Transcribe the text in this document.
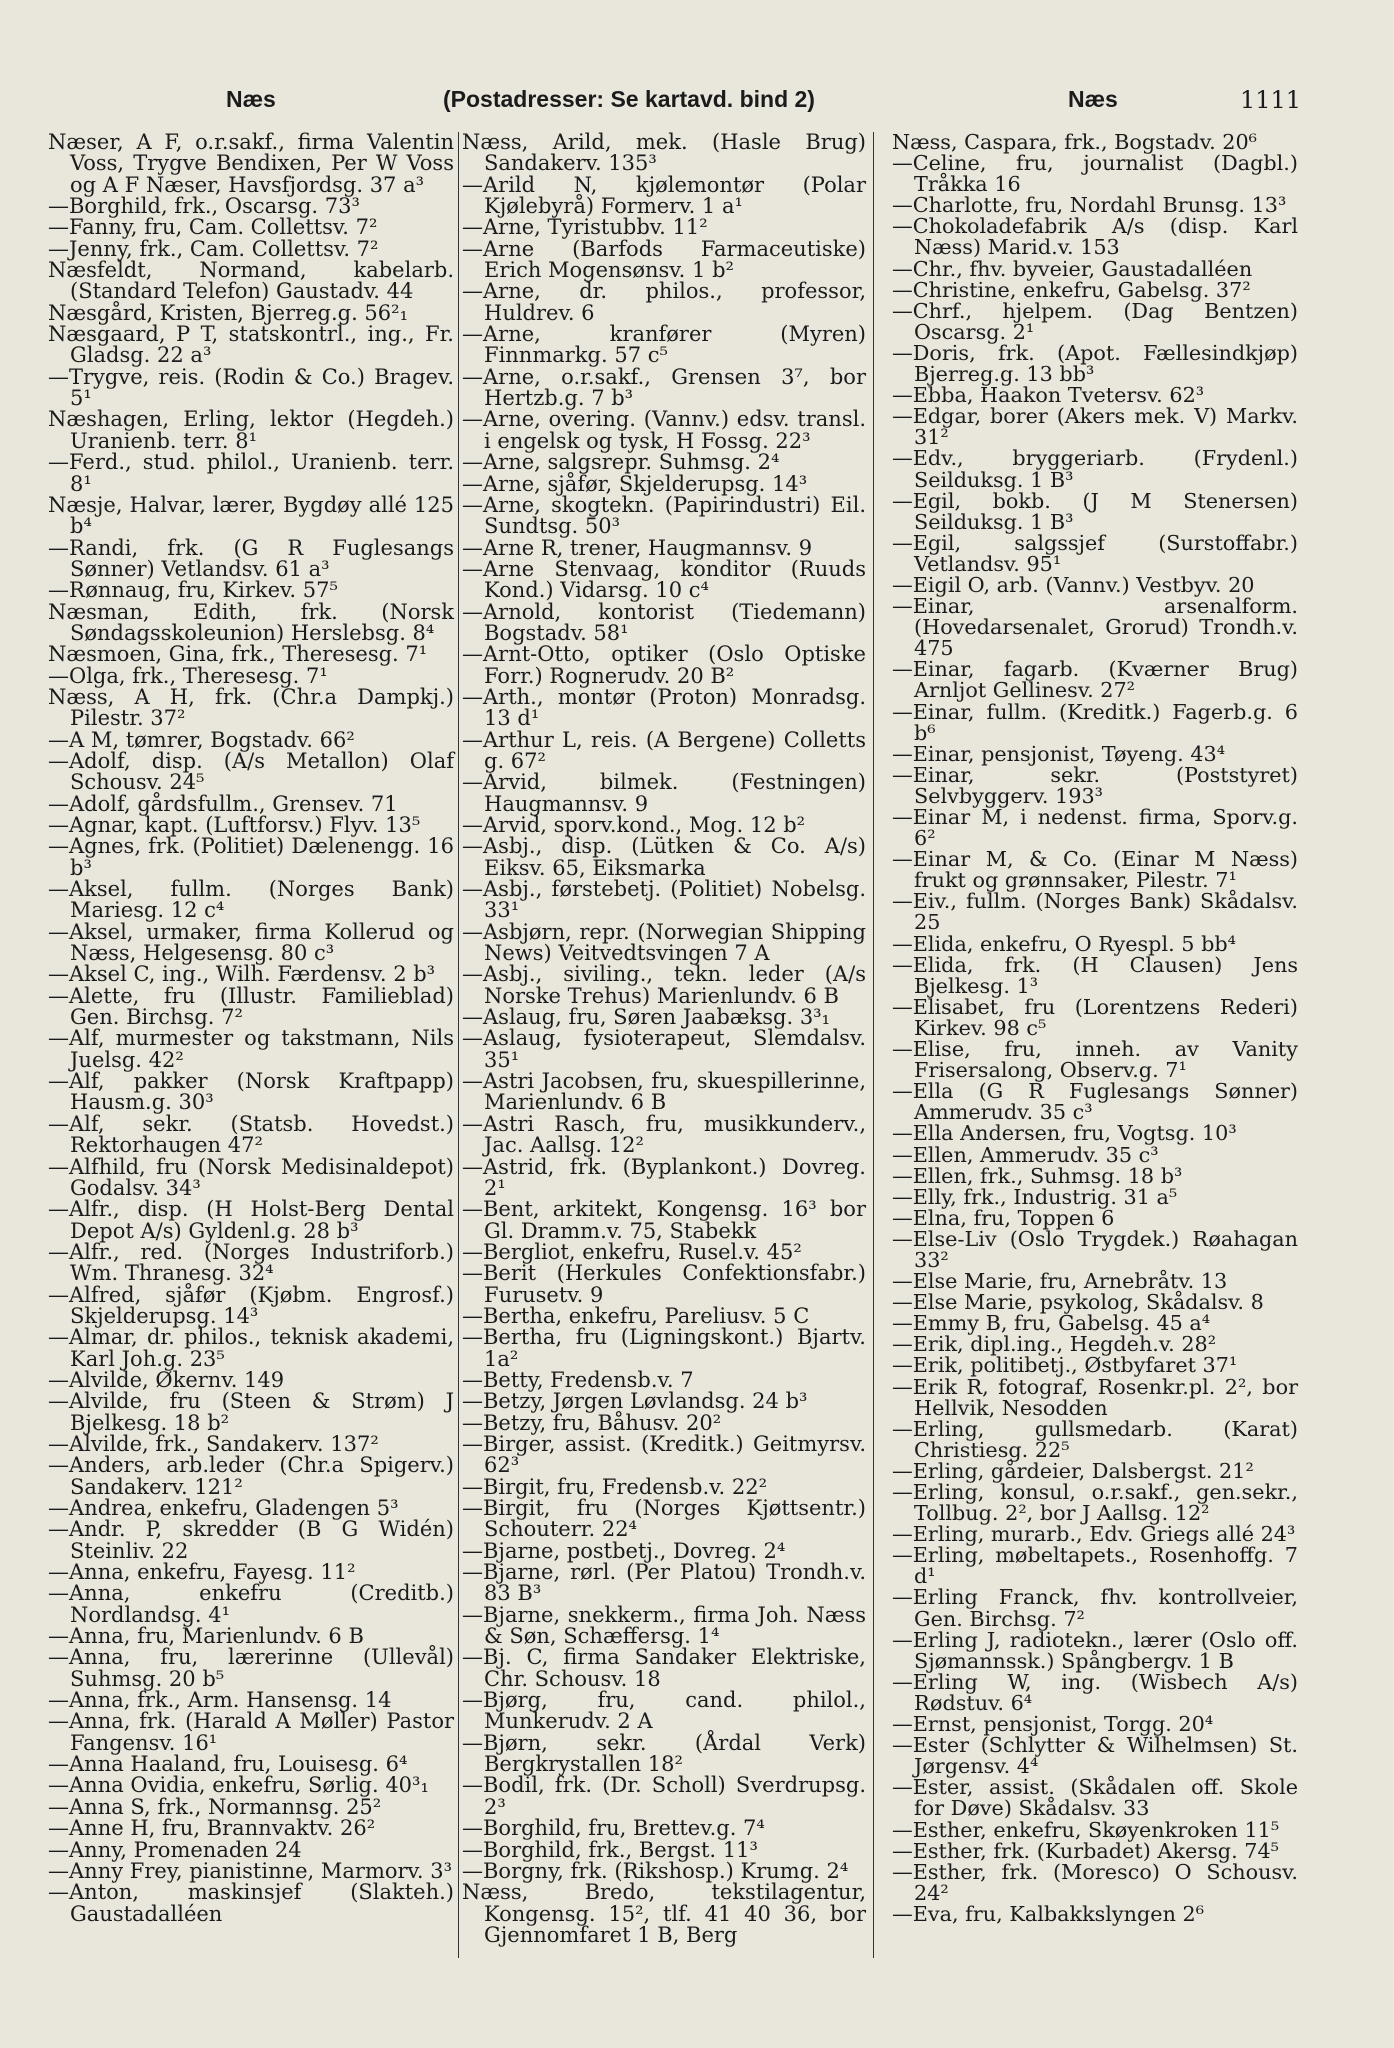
Næs	(Postadresser: Se kartavd. bind 2)	Næs	1111

Næser, A F, o.r.sakf., firma Valentin Voss, Trygve Bendixen, Per W Voss og A F Næser, Havsfjordsg. 37 a³

—Borghild, frk., Oscarsg. 73³

—Fanny, fru, Cam. Collettsv. 7²

—Jenny, frk., Cam. Collettsv. 7²

Næsfeldt, Normand, kabelarb. (Standard Telefon) Gaustadv. 44

Næsgård, Kristen, Bjerreg.g. 56²₁

Næsgaard, P T, statskontrl., ing., Fr. Gladsg. 22 a³

—Trygve, reis. (Rodin & Co.) Bragev. 5¹

Næshagen, Erling, lektor (Hegdeh.) Uranienb. terr. 8¹

—Ferd., stud. philol., Uranienb. terr. 8¹

Næsje, Halvar, lærer, Bygdøy allé 125 b⁴

—Randi, frk. (G R Fuglesangs Sønner) Vetlandsv. 61 a³

—Rønnaug, fru, Kirkev. 57⁵

Næsman, Edith, frk. (Norsk Søndagsskoleunion) Herslebsg. 8⁴

Næsmoen, Gina, frk., Theresesg. 7¹

—Olga, frk., Theresesg. 7¹

Næss, A H, frk. (Chr.a Dampkj.) Pilestr. 37²

—A M, tømrer, Bogstadv. 66²

—Adolf, disp. (A/s Metallon) Olaf Schousv. 24⁵

—Adolf, gårdsfullm., Grensev. 71

—Agnar, kapt. (Luftforsv.) Flyv. 13⁵

—Agnes, frk. (Politiet) Dælenengg. 16 b³

—Aksel, fullm. (Norges Bank) Mariesg. 12 c⁴

—Aksel, urmaker, firma Kollerud og Næss, Helgesensg. 80 c³

—Aksel C, ing., Wilh. Færdensv. 2 b³

—Alette, fru (Illustr. Familieblad) Gen. Birchsg. 7²

—Alf, murmester og takstmann, Nils Juelsg. 42²

—Alf, pakker (Norsk Kraftpapp) Hausm.g. 30³

—Alf, sekr. (Statsb. Hovedst.) Rektorhaugen 47²

—Alfhild, fru (Norsk Medisinaldepot) Godalsv. 34³

—Alfr., disp. (H Holst-Berg Dental Depot A/s) Gyldenl.g. 28 b³

—Alfr., red. (Norges Industriforb.) Wm. Thranesg. 32⁴

—Alfred, sjåfør (Kjøbm. Engrosf.) Skjelderupsg. 14³

—Almar, dr. philos., teknisk akademi, Karl Joh.g. 23⁵

—Alvilde, Økernv. 149

—Alvilde, fru (Steen & Strøm) J Bjelkesg. 18 b²

—Alvilde, frk., Sandakerv. 137²

—Anders, arb.leder (Chr.a Spigerv.) Sandakerv. 121²

—Andrea, enkefru, Gladengen 5³

—Andr. P, skredder (B G Widén) Steinliv. 22

—Anna, enkefru, Fayesg. 11²

—Anna, enkefru (Creditb.) Nordlandsg. 4¹

—Anna, fru, Marienlundv. 6 B

—Anna, fru, lærerinne (Ullevål) Suhmsg. 20 b⁵

—Anna, frk., Arm. Hansensg. 14

—Anna, frk. (Harald A Møller) Pastor Fangensv. 16¹

—Anna Haaland, fru, Louisesg. 6⁴

—Anna Ovidia, enkefru, Sørlig. 40³₁

—Anna S, frk., Normannsg. 25²

—Anne H, fru, Brannvaktv. 26²

—Anny, Promenaden 24

—Anny Frey, pianistinne, Marmorv. 3³

—Anton, maskinsjef (Slakteh.) Gaustadalléen

Næss, Arild, mek. (Hasle Brug) Sandakerv. 135³

—Arild N, kjølemontør (Polar Kjølebyrå) Formerv. 1 a¹

—Arne, Tyristubbv. 11²

—Arne (Barfods Farmaceutiske) Erich Mogensønsv. 1 b²

—Arne, dr. philos., professor, Huldrev. 6

—Arne, kranfører (Myren) Finnmarkg. 57 c⁵

—Arne, o.r.sakf., Grensen 3⁷, bor Hertzb.g. 7 b³

—Arne, overing. (Vannv.) edsv. transl. i engelsk og tysk, H Fossg. 22³

—Arne, salgsrepr. Suhmsg. 2⁴

—Arne, sjåfør, Skjelderupsg. 14³

—Arne, skogtekn. (Papirindustri) Eil. Sundtsg. 50³

—Arne R, trener, Haugmannsv. 9

—Arne Stenvaag, konditor (Ruuds Kond.) Vidarsg. 10 c⁴

—Arnold, kontorist (Tiedemann) Bogstadv. 58¹

—Arnt-Otto, optiker (Oslo Optiske Forr.) Rognerudv. 20 B²

—Arth., montør (Proton) Monradsg. 13 d¹

—Arthur L, reis. (A Bergene) Colletts g. 67²

—Arvid, bilmek. (Festningen) Haugmannsv. 9

—Arvid, sporv.kond., Mog. 12 b²

—Asbj., disp. (Lütken & Co. A/s) Eiksv. 65, Eiksmarka

—Asbj., førstebetj. (Politiet) Nobelsg. 33¹

—Asbjørn, repr. (Norwegian Shipping News) Veitvedtsvingen 7 A

—Asbj., siviling., tekn. leder (A/s Norske Trehus) Marienlundv. 6 B

—Aslaug, fru, Søren Jaabæksg. 3³₁

—Aslaug, fysioterapeut, Slemdalsv. 35¹

—Astri Jacobsen, fru, skuespillerinne, Marienlundv. 6 B

—Astri Rasch, fru, musikkunderv., Jac. Aallsg. 12²

—Astrid, frk. (Byplankont.) Dovreg. 2¹

—Bent, arkitekt, Kongensg. 16³ bor Gl. Dramm.v. 75, Stabekk

—Bergliot, enkefru, Rusel.v. 45²

—Berit (Herkules Confektionsfabr.) Furusetv. 9

—Bertha, enkefru, Pareliusv. 5 C

—Bertha, fru (Ligningskont.) Bjartv. 1a²

—Betty, Fredensb.v. 7

—Betzy, Jørgen Løvlandsg. 24 b³

—Betzy, fru, Båhusv. 20²

—Birger, assist. (Kreditk.) Geitmyrsv. 62³

—Birgit, fru, Fredensb.v. 22²

—Birgit, fru (Norges Kjøttsentr.) Schouterr. 22⁴

—Bjarne, postbetj., Dovreg. 2⁴

—Bjarne, rørl. (Per Platou) Trondh.v. 83 B³

—Bjarne, snekkerm., firma Joh. Næss & Søn, Schæffersg. 1⁴

—Bj. C, firma Sandaker Elektriske, Chr. Schousv. 18

—Bjørg, fru, cand. philol., Munkerudv. 2 A

—Bjørn, sekr. (Årdal Verk) Bergkrystallen 18²

—Bodil, frk. (Dr. Scholl) Sverdrupsg. 2³

—Borghild, fru, Brettev.g. 7⁴

—Borghild, frk., Bergst. 11³

—Borgny, frk. (Rikshosp.) Krumg. 2⁴

Næss, Bredo, tekstilagentur, Kongensg. 15², tlf. 41 40 36, bor Gjennomfaret 1 B, Berg

Næss, Caspara, frk., Bogstadv. 20⁶

—Celine, fru, journalist (Dagbl.) Tråkka 16

—Charlotte, fru, Nordahl Brunsg. 13³

—Chokoladefabrik A/s (disp. Karl Næss) Marid.v. 153

—Chr., fhv. byveier, Gaustadalléen

—Christine, enkefru, Gabelsg. 37²

—Chrf., hjelpem. (Dag Bentzen) Oscarsg. 2¹

—Doris, frk. (Apot. Fællesindkjøp) Bjerreg.g. 13 bb³

—Ebba, Haakon Tvetersv. 62³

—Edgar, borer (Akers mek. V) Markv. 31²

—Edv., bryggeriarb. (Frydenl.) Seilduksg. 1 B³

—Egil, bokb. (J M Stenersen) Seilduksg. 1 B³

—Egil, salgssjef (Surstoffabr.) Vetlandsv. 95¹

—Eigil O, arb. (Vannv.) Vestbyv. 20

—Einar, arsenalform. (Hovedarsenalet, Grorud) Trondh.v. 475

—Einar, fagarb. (Kværner Brug) Arnljot Gellinesv. 27²

—Einar, fullm. (Kreditk.) Fagerb.g. 6 b⁶

—Einar, pensjonist, Tøyeng. 43⁴

—Einar, sekr. (Poststyret) Selvbyggerv. 193³

—Einar M, i nedenst. firma, Sporv.g. 6²

—Einar M, & Co. (Einar M Næss) frukt og grønnsaker, Pilestr. 7¹

—Eiv., fullm. (Norges Bank) Skådalsv. 25

—Elida, enkefru, O Ryespl. 5 bb⁴

—Elida, frk. (H Clausen) Jens Bjelkesg. 1³

—Elisabet, fru (Lorentzens Rederi) Kirkev. 98 c⁵

—Elise, fru, inneh. av Vanity Frisersalong, Observ.g. 7¹

—Ella (G R Fuglesangs Sønner) Ammerudv. 35 c³

—Ella Andersen, fru, Vogtsg. 10³

—Ellen, Ammerudv. 35 c³

—Ellen, frk., Suhmsg. 18 b³

—Elly, frk., Industrig. 31 a⁵

—Elna, fru, Toppen 6

—Else-Liv (Oslo Trygdek.) Røahagan 33²

—Else Marie, fru, Arnebråtv. 13

—Else Marie, psykolog, Skådalsv. 8

—Emmy B, fru, Gabelsg. 45 a⁴

—Erik, dipl.ing., Hegdeh.v. 28²

—Erik, politibetj., Østbyfaret 37¹

—Erik R, fotograf, Rosenkr.pl. 2², bor Hellvik, Nesodden

—Erling, gullsmedarb. (Karat) Christiesg. 22⁵

—Erling, gårdeier, Dalsbergst. 21²

—Erling, konsul, o.r.sakf., gen.sekr., Tollbug. 2², bor J Aallsg. 12²

—Erling, murarb., Edv. Griegs allé 24³

—Erling, møbeltapets., Rosenhoffg. 7 d¹

—Erling Franck, fhv. kontrollveier, Gen. Birchsg. 7²

—Erling J, radiotekn., lærer (Oslo off. Sjømannssk.) Spångbergv. 1 B

—Erling W, ing. (Wisbech A/s) Rødstuv. 6⁴

—Ernst, pensjonist, Torgg. 20⁴

—Ester (Schlytter & Wilhelmsen) St. Jørgensv. 4⁴

—Ester, assist. (Skådalen off. Skole for Døve) Skådalsv. 33

—Esther, enkefru, Skøyenkroken 11⁵

—Esther, frk. (Kurbadet) Akersg. 74⁵

—Esther, frk. (Moresco) O Schousv. 24²

—Eva, fru, Kalbakkslyngen 2⁶
